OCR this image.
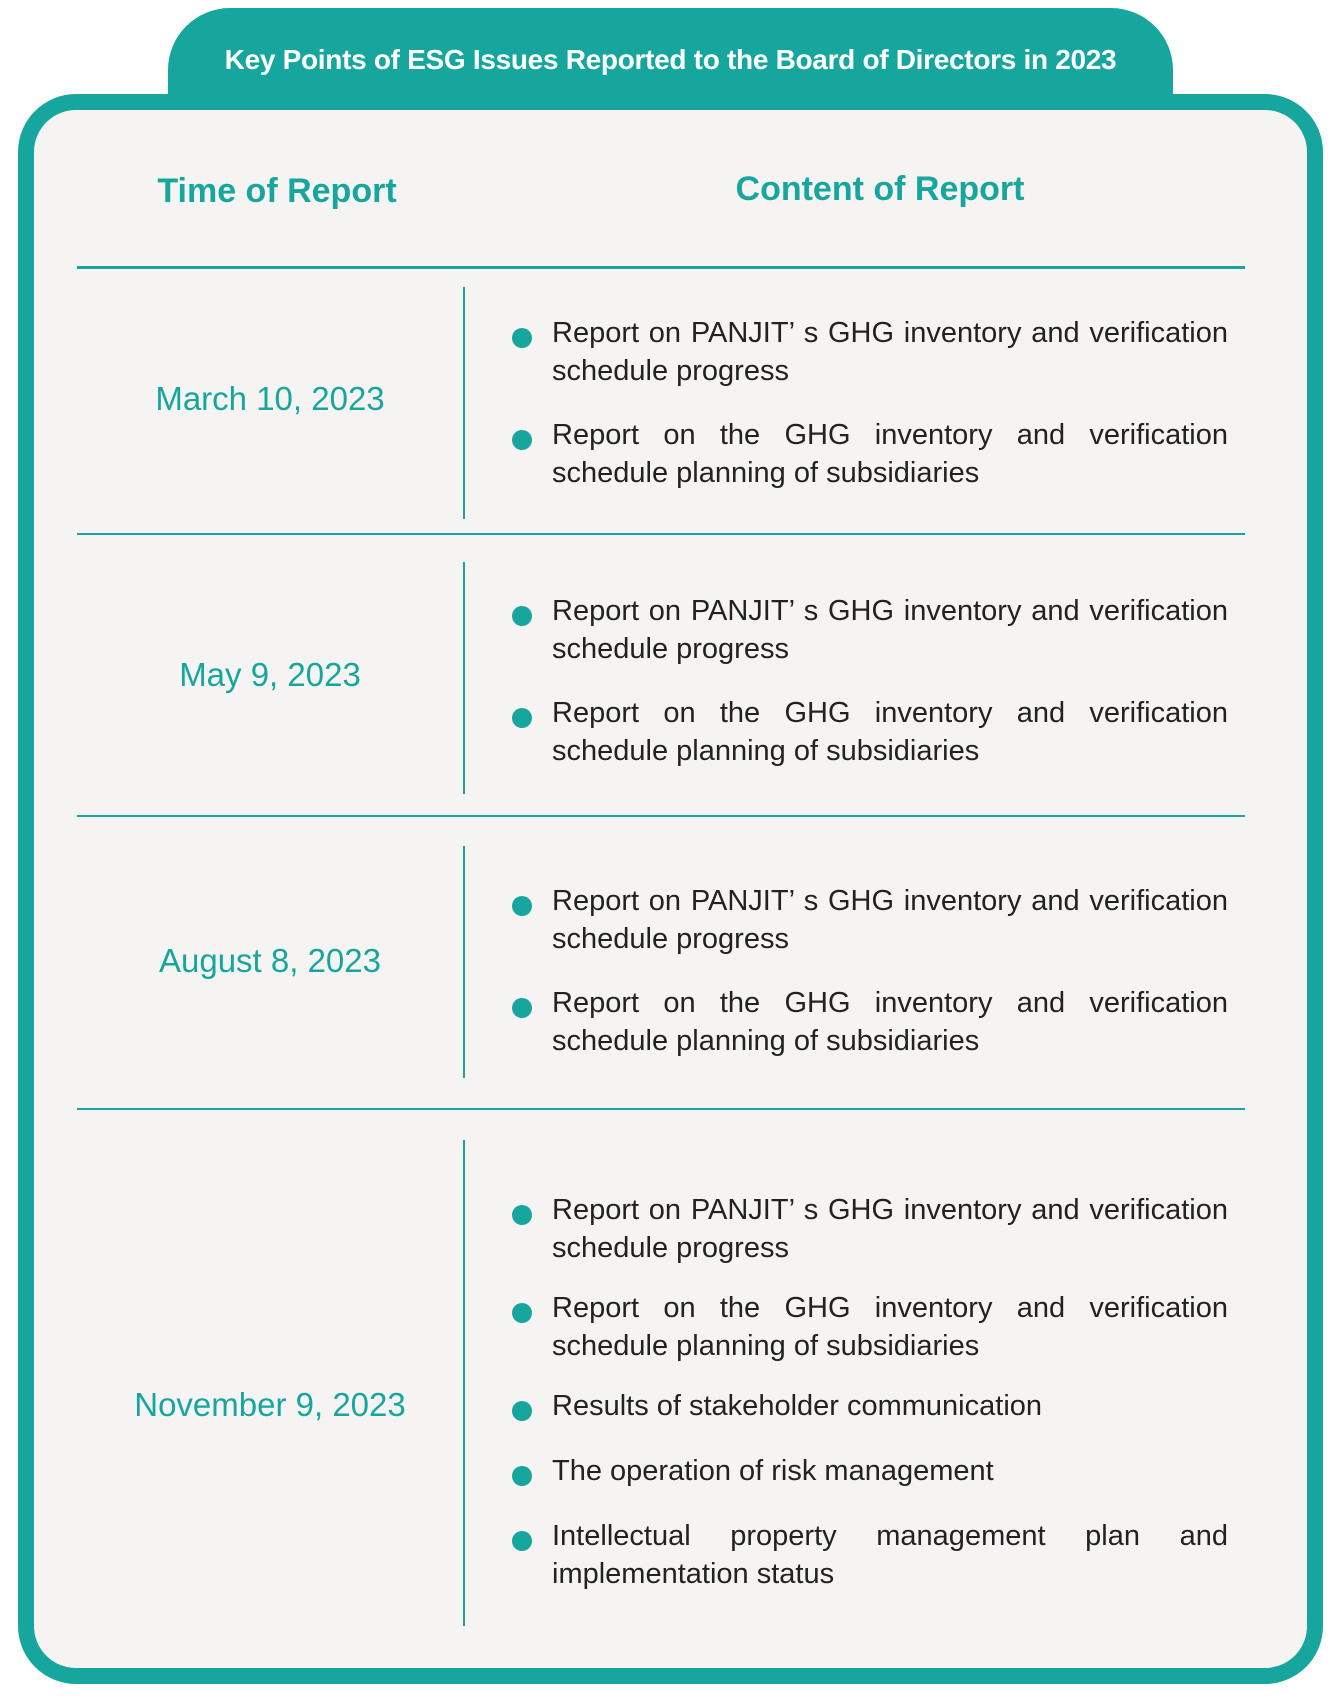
Key Points of ESG Issues Reported to the Board of Directors in 2023
Time of Report	Content of Report
March 10, 2023
Report on PANJIT’ s GHG inventory and verification schedule progress
Report on the GHG inventory and verification schedule planning of subsidiaries
May 9, 2023
Report on PANJIT’ s GHG inventory and verification schedule progress
Report on the GHG inventory and verification schedule planning of subsidiaries
August 8, 2023
Report on PANJIT’ s GHG inventory and verification schedule progress
Report on the GHG inventory and verification schedule planning of subsidiaries
November 9, 2023
Report on PANJIT’ s GHG inventory and verification schedule progress
Report on the GHG inventory and verification schedule planning of subsidiaries
Results of stakeholder communication
The operation of risk management
Intellectual property management plan and implementation status
